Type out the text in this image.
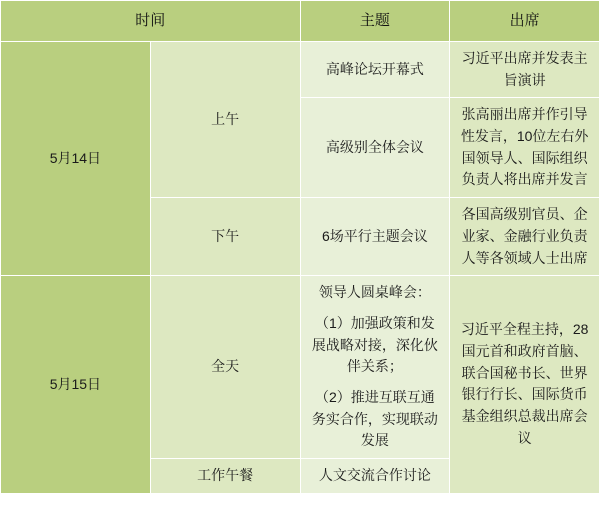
时间		主题	出席
5月14日	上午	高峰论坛开幕式	习近平出席并发表主旨演讲
		高级别全体会议	张高丽出席并作引导性发言，10位左右外国领导人、国际组织负责人将出席并发言
	下午	6场平行主题会议	各国高级别官员、企业家、金融行业负责人等各领域人士出席
5月15日	全天	领导人圆桌峰会：

（1）加强政策和发展战略对接，深化伙伴关系；

（2）推进互联互通务实合作，实现联动发展	习近平全程主持，28国元首和政府首脑、联合国秘书长、世界银行行长、国际货币基金组织总裁出席会议
	工作午餐	人文交流合作讨论	
